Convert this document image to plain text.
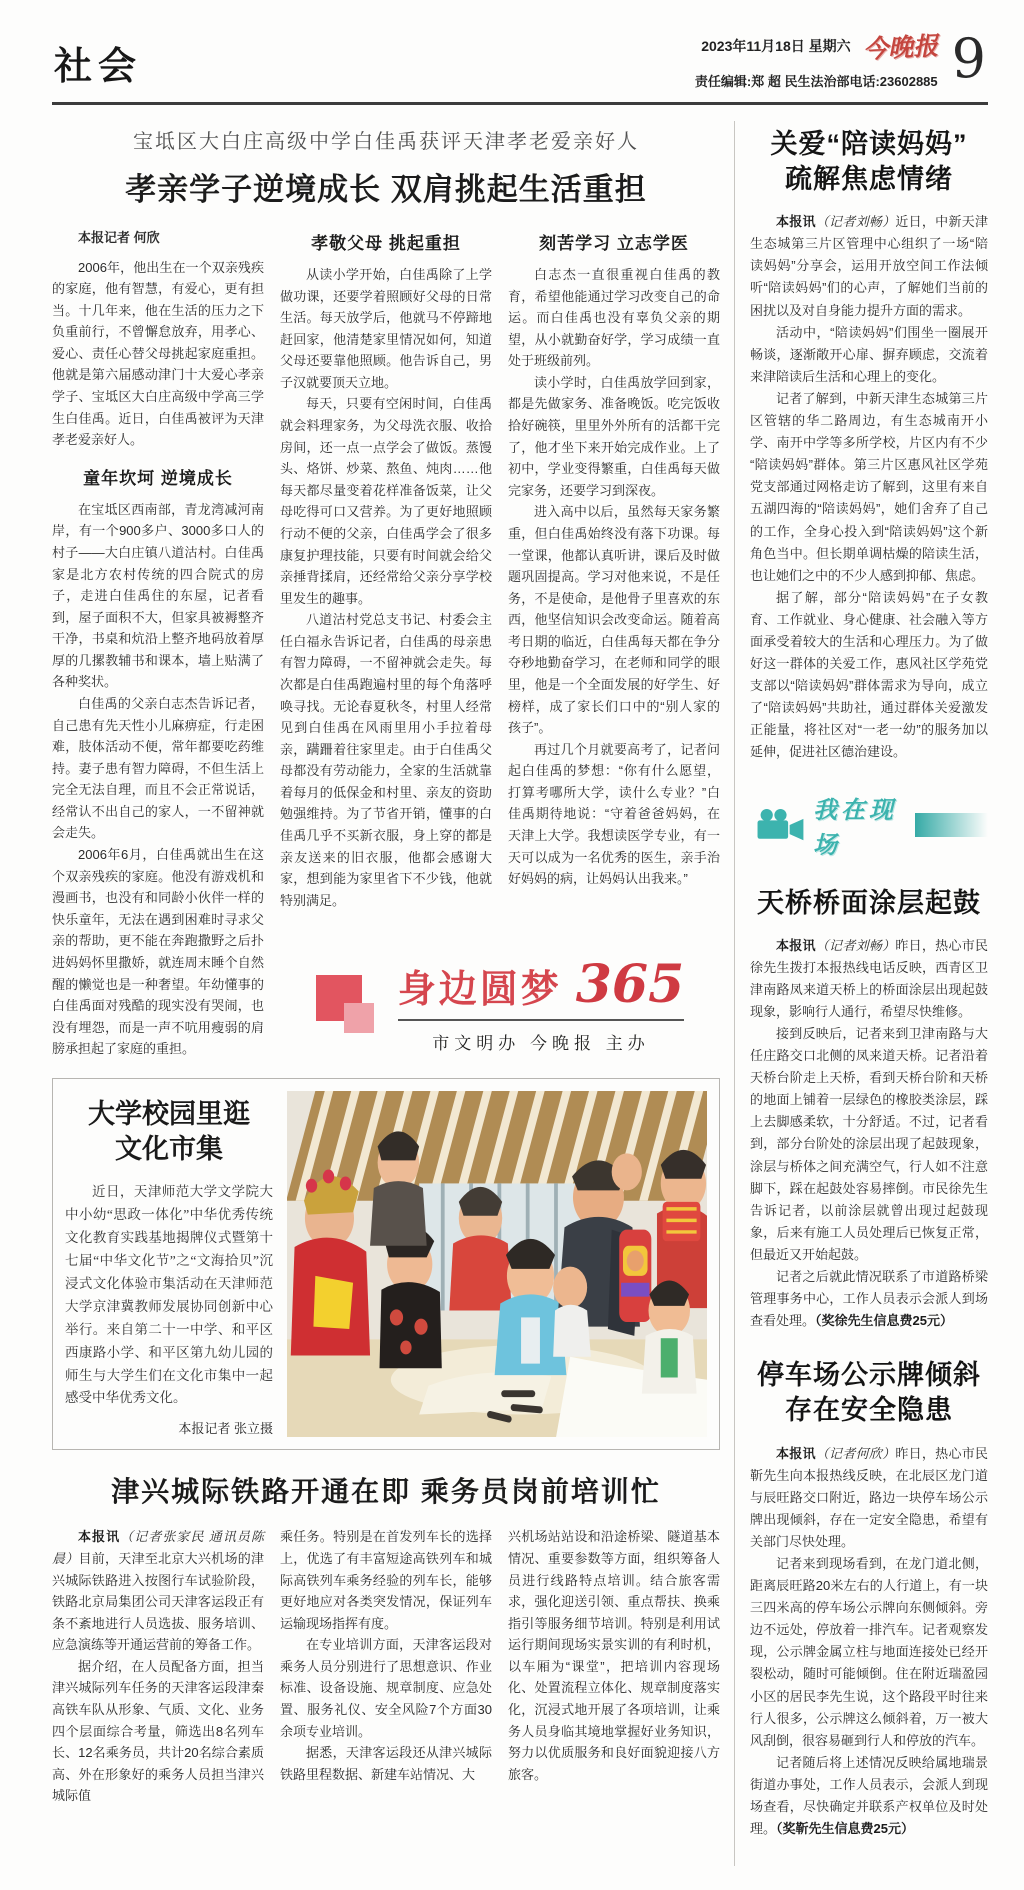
社会	2023年11月18日 星期六 今晚报
责任编辑:郑 超 民生法治部电话:23602885 9
宝坻区大白庄高级中学白佳禹获评天津孝老爱亲好人
孝亲学子逆境成长 双肩挑起生活重担

本报记者 何欣

2006年，他出生在一个双亲残疾的家庭，他有智慧，有爱心，更有担当。十几年来，他在生活的压力之下负重前行，不曾懈怠放弃，用孝心、爱心、责任心替父母挑起家庭重担。他就是第六届感动津门十大爱心孝亲学子、宝坻区大白庄高级中学高三学生白佳禹。近日，白佳禹被评为天津孝老爱亲好人。

童年坎坷 逆境成长

在宝坻区西南部，青龙湾减河南岸，有一个900多户、3000多口人的村子——大白庄镇八道沽村。白佳禹家是北方农村传统的四合院式的房子，走进白佳禹住的东屋，记者看到，屋子面积不大，但家具被褥整齐干净，书桌和炕沿上整齐地码放着厚厚的几摞教辅书和课本，墙上贴满了各种奖状。

白佳禹的父亲白志杰告诉记者，自己患有先天性小儿麻痹症，行走困难，肢体活动不便，常年都要吃药维持。妻子患有智力障碍，不但生活上完全无法自理，而且不会正常说话，经常认不出自己的家人，一不留神就会走失。

2006年6月，白佳禹就出生在这个双亲残疾的家庭。他没有游戏机和漫画书，也没有和同龄小伙伴一样的快乐童年，无法在遇到困难时寻求父亲的帮助，更不能在奔跑撒野之后扑进妈妈怀里撒娇，就连周末睡个自然醒的懒觉也是一种奢望。年幼懂事的白佳禹面对残酷的现实没有哭闹，也没有埋怨，而是一声不吭用瘦弱的肩膀承担起了家庭的重担。

孝敬父母 挑起重担

从读小学开始，白佳禹除了上学做功课，还要学着照顾好父母的日常生活。每天放学后，他就马不停蹄地赶回家，他清楚家里情况如何，知道父母还要靠他照顾。他告诉自己，男子汉就要顶天立地。

每天，只要有空闲时间，白佳禹就会料理家务，为父母洗衣服、收拾房间，还一点一点学会了做饭。蒸馒头、烙饼、炒菜、熬鱼、炖肉……他每天都尽量变着花样准备饭菜，让父母吃得可口又营养。为了更好地照顾行动不便的父亲，白佳禹学会了很多康复护理技能，只要有时间就会给父亲捶背揉肩，还经常给父亲分享学校里发生的趣事。

八道沽村党总支书记、村委会主任白福永告诉记者，白佳禹的母亲患有智力障碍，一不留神就会走失。每次都是白佳禹跑遍村里的每个角落呼唤寻找。无论春夏秋冬，村里人经常见到白佳禹在风雨里用小手拉着母亲，蹒跚着往家里走。由于白佳禹父母都没有劳动能力，全家的生活就靠着每月的低保金和村里、亲友的资助勉强维持。为了节省开销，懂事的白佳禹几乎不买新衣服，身上穿的都是亲友送来的旧衣服，他都会感谢大家，想到能为家里省下不少钱，他就特别满足。

刻苦学习 立志学医

白志杰一直很重视白佳禹的教育，希望他能通过学习改变自己的命运。而白佳禹也没有辜负父亲的期望，从小就勤奋好学，学习成绩一直处于班级前列。

读小学时，白佳禹放学回到家，都是先做家务、准备晚饭。吃完饭收拾好碗筷，里里外外所有的活都干完了，他才坐下来开始完成作业。上了初中，学业变得繁重，白佳禹每天做完家务，还要学习到深夜。

进入高中以后，虽然每天家务繁重，但白佳禹始终没有落下功课。每一堂课，他都认真听讲，课后及时做题巩固提高。学习对他来说，不是任务，不是使命，是他骨子里喜欢的东西，他坚信知识会改变命运。随着高考日期的临近，白佳禹每天都在争分夺秒地勤奋学习，在老师和同学的眼里，他是一个全面发展的好学生、好榜样，成了家长们口中的“别人家的孩子”。

再过几个月就要高考了，记者问起白佳禹的梦想：“你有什么愿望，打算考哪所大学，读什么专业？”白佳禹期待地说：“守着爸爸妈妈，在天津上大学。我想读医学专业，有一天可以成为一名优秀的医生，亲手治好妈妈的病，让妈妈认出我来。”

身边圆梦 365
市文明办 今晚报 主办
大学校园里逛
文化市集

近日，天津师范大学文学院大中小幼“思政一体化”中华优秀传统文化教育实践基地揭牌仪式暨第十七届“中华文化节”之“文海拾贝”沉浸式文化体验市集活动在天津师范大学京津冀教师发展协同创新中心举行。来自第二十一中学、和平区西康路小学、和平区第九幼儿园的师生与大学生们在文化市集中一起感受中华优秀文化。

本报记者 张立摄
津兴城际铁路开通在即 乘务员岗前培训忙

本报讯（记者张家民 通讯员陈晨）目前，天津至北京大兴机场的津兴城际铁路进入按图行车试验阶段，铁路北京局集团公司天津客运段正有条不紊地进行人员选拔、服务培训、应急演练等开通运营前的筹备工作。

据介绍，在人员配备方面，担当津兴城际列车任务的天津客运段津秦高铁车队从形象、气质、文化、业务四个层面综合考量，筛选出8名列车长、12名乘务员，共计20名综合素质高、外在形象好的乘务人员担当津兴城际值

乘任务。特别是在首发列车长的选择上，优选了有丰富短途高铁列车和城际高铁列车乘务经验的列车长，能够更好地应对各类突发情况，保证列车运输现场指挥有度。

在专业培训方面，天津客运段对乘务人员分别进行了思想意识、作业标准、设备设施、规章制度、应急处置、服务礼仪、安全风险7个方面30余项专业培训。

据悉，天津客运段还从津兴城际铁路里程数据、新建车站情况、大

兴机场站站设和沿途桥梁、隧道基本情况、重要参数等方面，组织筹备人员进行线路特点培训。结合旅客需求，强化迎送引领、重点帮扶、换乘指引等服务细节培训。特别是利用试运行期间现场实景实训的有利时机，以车厢为“课堂”，把培训内容现场化、处置流程立体化、规章制度落实化，沉浸式地开展了各项培训，让乘务人员身临其境地掌握好业务知识，努力以优质服务和良好面貌迎接八方旅客。

关爱“陪读妈妈”
疏解焦虑情绪

本报讯（记者刘畅）近日，中新天津生态城第三片区管理中心组织了一场“陪读妈妈”分享会，运用开放空间工作法倾听“陪读妈妈”们的心声，了解她们当前的困扰以及对自身能力提升方面的需求。

活动中，“陪读妈妈”们围坐一圈展开畅谈，逐渐敞开心扉、摒弃顾虑，交流着来津陪读后生活和心理上的变化。

记者了解到，中新天津生态城第三片区管辖的华二路周边，有生态城南开小学、南开中学等多所学校，片区内有不少“陪读妈妈”群体。第三片区惠风社区学苑党支部通过网格走访了解到，这里有来自五湖四海的“陪读妈妈”，她们舍弃了自己的工作，全身心投入到“陪读妈妈”这个新角色当中。但长期单调枯燥的陪读生活，也让她们之中的不少人感到抑郁、焦虑。

据了解，部分“陪读妈妈”在子女教育、工作就业、身心健康、社会融入等方面承受着较大的生活和心理压力。为了做好这一群体的关爱工作，惠风社区学苑党支部以“陪读妈妈”群体需求为导向，成立了“陪读妈妈”共助社，通过群体关爱激发正能量，将社区对“一老一幼”的服务加以延伸，促进社区德治建设。

我在现场
天桥桥面涂层起鼓

本报讯（记者刘畅）昨日，热心市民徐先生拨打本报热线电话反映，西青区卫津南路凤来道天桥上的桥面涂层出现起鼓现象，影响行人通行，希望尽快维修。

接到反映后，记者来到卫津南路与大任庄路交口北侧的凤来道天桥。记者沿着天桥台阶走上天桥，看到天桥台阶和天桥的地面上铺着一层绿色的橡胶类涂层，踩上去脚感柔软，十分舒适。不过，记者看到，部分台阶处的涂层出现了起鼓现象，涂层与桥体之间充满空气，行人如不注意脚下，踩在起鼓处容易摔倒。市民徐先生告诉记者，以前涂层就曾出现过起鼓现象，后来有施工人员处理后已恢复正常，但最近又开始起鼓。

记者之后就此情况联系了市道路桥梁管理事务中心，工作人员表示会派人到场查看处理。（奖徐先生信息费25元）

停车场公示牌倾斜
存在安全隐患

本报讯（记者何欣）昨日，热心市民靳先生向本报热线反映，在北辰区龙门道与辰旺路交口附近，路边一块停车场公示牌出现倾斜，存在一定安全隐患，希望有关部门尽快处理。

记者来到现场看到，在龙门道北侧，距离辰旺路20米左右的人行道上，有一块三四米高的停车场公示牌向东侧倾斜。旁边不远处，停放着一排汽车。记者观察发现，公示牌金属立柱与地面连接处已经开裂松动，随时可能倾倒。住在附近瑞盈园小区的居民李先生说，这个路段平时往来行人很多，公示牌这么倾斜着，万一被大风刮倒，很容易砸到行人和停放的汽车。

记者随后将上述情况反映给属地瑞景街道办事处，工作人员表示，会派人到现场查看，尽快确定并联系产权单位及时处理。（奖靳先生信息费25元）
